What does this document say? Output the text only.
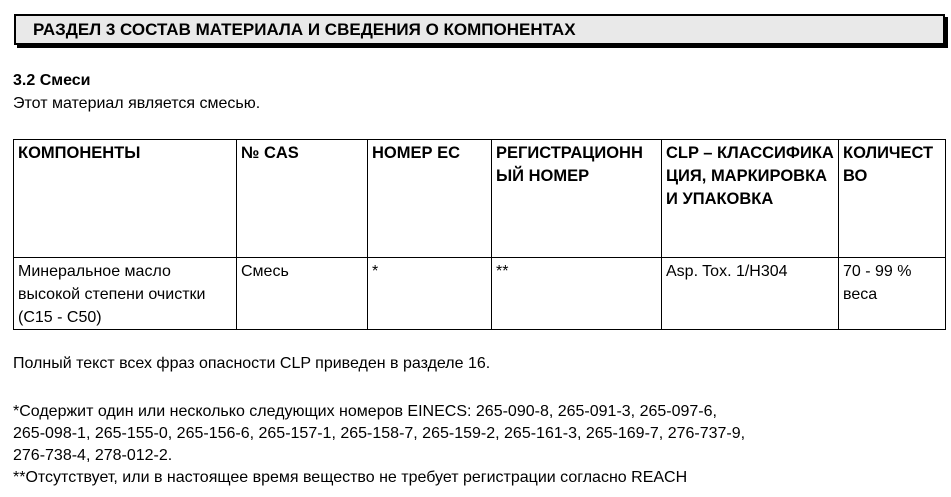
РАЗДЕЛ 3 СОСТАВ МАТЕРИАЛА И СВЕДЕНИЯ О КОМПОНЕНТАХ
3.2 Смеси
Этот материал является смесью.
КОМПОНЕНТЫ	№ CAS	НОМЕР ЕС	РЕГИСТРАЦИОННЫЙ НОМЕР	CLP – КЛАССИФИКАЦИЯ, МАРКИРОВКА И УПАКОВКА	КОЛИЧЕСТВО
Минеральное масло высокой степени очистки (C15 - C50)	Смесь	*	**	Asp. Tox. 1/H304	70 - 99 % веса
Полный текст всех фраз опасности CLP приведен в разделе 16.
*Содержит один или несколько следующих номеров EINECS: 265-090-8, 265-091-3, 265-097-6,
265-098-1, 265-155-0, 265-156-6, 265-157-1, 265-158-7, 265-159-2, 265-161-3, 265-169-7, 276-737-9,
276-738-4, 278-012-2.
**Отсутствует, или в настоящее время вещество не требует регистрации согласно REACH
